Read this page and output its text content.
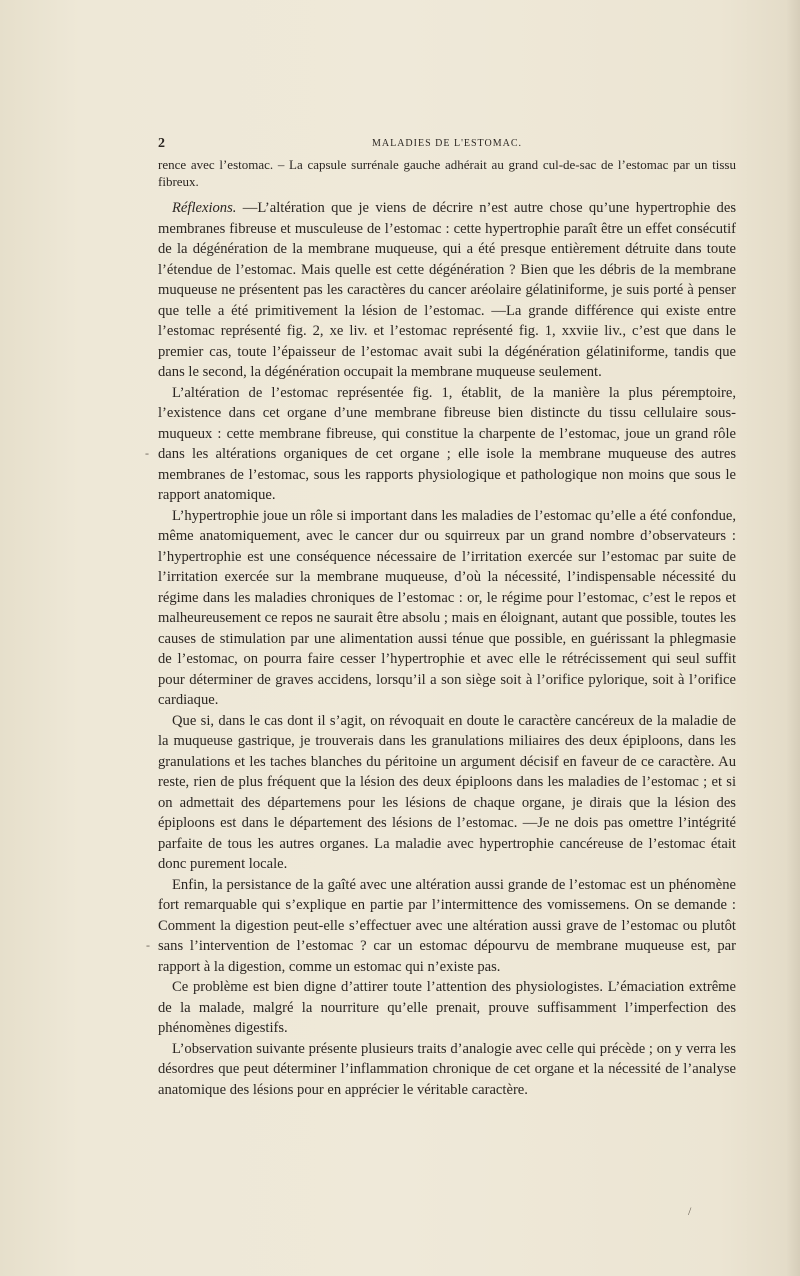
2	MALADIES DE L'ESTOMAC.

rence avec l’estomac. – La capsule surrénale gauche adhérait au grand cul-de-sac de l’estomac par un tissu fibreux.

Réflexions. —L’altération que je viens de décrire n’est autre chose qu’une hypertrophie des membranes fibreuse et musculeuse de l’estomac : cette hypertrophie paraît être un effet consécutif de la dégénération de la membrane muqueuse, qui a été presque entièrement détruite dans toute l’étendue de l’estomac. Mais quelle est cette dégénération ? Bien que les débris de la membrane muqueuse ne présentent pas les caractères du cancer aréolaire gélatiniforme, je suis porté à penser que telle a été primitivement la lésion de l’estomac. —La grande différence qui existe entre l’estomac représenté fig. 2, xe liv. et l’estomac représenté fig. 1, xxviie liv., c’est que dans le premier cas, toute l’épaisseur de l’estomac avait subi la dégénération gélatiniforme, tandis que dans le second, la dégénération occupait la membrane muqueuse seulement.

L’altération de l’estomac représentée fig. 1, établit, de la manière la plus péremptoire, l’existence dans cet organe d’une membrane fibreuse bien distincte du tissu cellulaire sous-muqueux : cette membrane fibreuse, qui constitue la charpente de l’estomac, joue un grand rôle dans les altérations organiques de cet organe ; elle isole la membrane muqueuse des autres membranes de l’estomac, sous les rapports physiologique et pathologique non moins que sous le rapport anatomique.

L’hypertrophie joue un rôle si important dans les maladies de l’estomac qu’elle a été confondue, même anatomiquement, avec le cancer dur ou squirreux par un grand nombre d’observateurs : l’hypertrophie est une conséquence nécessaire de l’irritation exercée sur l’estomac par suite de l’irritation exercée sur la membrane muqueuse, d’où la nécessité, l’indispensable nécessité du régime dans les maladies chroniques de l’estomac : or, le régime pour l’estomac, c’est le repos et malheureusement ce repos ne saurait être absolu ; mais en éloignant, autant que possible, toutes les causes de stimulation par une alimentation aussi ténue que possible, en guérissant la phlegmasie de l’estomac, on pourra faire cesser l’hypertrophie et avec elle le rétrécissement qui seul suffit pour déterminer de graves accidens, lorsqu’il a son siège soit à l’orifice pylorique, soit à l’orifice cardiaque.

Que si, dans le cas dont il s’agit, on révoquait en doute le caractère cancéreux de la maladie de la muqueuse gastrique, je trouverais dans les granulations miliaires des deux épiploons, dans les granulations et les taches blanches du péritoine un argument décisif en faveur de ce caractère. Au reste, rien de plus fréquent que la lésion des deux épiploons dans les maladies de l’estomac ; et si on admettait des départemens pour les lésions de chaque organe, je dirais que la lésion des épiploons est dans le département des lésions de l’estomac. —Je ne dois pas omettre l’intégrité parfaite de tous les autres organes. La maladie avec hypertrophie cancéreuse de l’estomac était donc purement locale.

Enfin, la persistance de la gaîté avec une altération aussi grande de l’estomac est un phénomène fort remarquable qui s’explique en partie par l’intermittence des vomissemens. On se demande : Comment la digestion peut-elle s’effectuer avec une altération aussi grave de l’estomac ou plutôt sans l’intervention de l’estomac ? car un estomac dépourvu de membrane muqueuse est, par rapport à la digestion, comme un estomac qui n’existe pas.

Ce problème est bien digne d’attirer toute l’attention des physiologistes. L’émaciation extrême de la malade, malgré la nourriture qu’elle prenait, prouve suffisamment l’imperfection des phénomènes digestifs.

L’observation suivante présente plusieurs traits d’analogie avec celle qui précède ; on y verra les désordres que peut déterminer l’inflammation chronique de cet organe et la nécessité de l’analyse anatomique des lésions pour en apprécier le véritable caractère.

-
-
/
